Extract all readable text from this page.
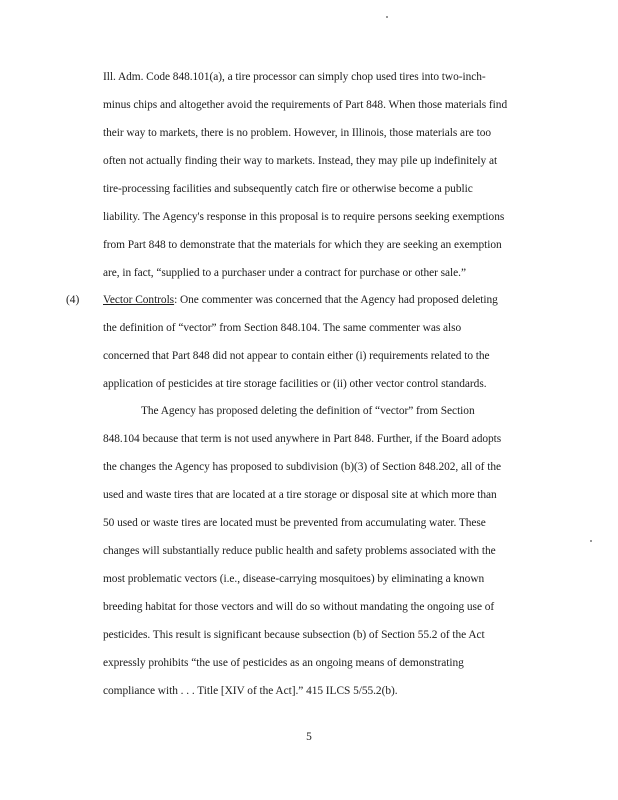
Ill. Adm. Code 848.101(a), a tire processor can simply chop used tires into two-inch-
minus chips and altogether avoid the requirements of Part 848. When those materials find
their way to markets, there is no problem. However, in Illinois, those materials are too
often not actually finding their way to markets. Instead, they may pile up indefinitely at
tire-processing facilities and subsequently catch fire or otherwise become a public
liability. The Agency's response in this proposal is to require persons seeking exemptions
from Part 848 to demonstrate that the materials for which they are seeking an exemption
are, in fact, “supplied to a purchaser under a contract for purchase or other sale.”
(4) Vector Controls: One commenter was concerned that the Agency had proposed deleting
the definition of “vector” from Section 848.104. The same commenter was also
concerned that Part 848 did not appear to contain either (i) requirements related to the
application of pesticides at tire storage facilities or (ii) other vector control standards.
The Agency has proposed deleting the definition of “vector” from Section
848.104 because that term is not used anywhere in Part 848. Further, if the Board adopts
the changes the Agency has proposed to subdivision (b)(3) of Section 848.202, all of the
used and waste tires that are located at a tire storage or disposal site at which more than
50 used or waste tires are located must be prevented from accumulating water. These
changes will substantially reduce public health and safety problems associated with the
most problematic vectors (i.e., disease-carrying mosquitoes) by eliminating a known
breeding habitat for those vectors and will do so without mandating the ongoing use of
pesticides. This result is significant because subsection (b) of Section 55.2 of the Act
expressly prohibits “the use of pesticides as an ongoing means of demonstrating
compliance with . . . Title [XIV of the Act].” 415 ILCS 5/55.2(b).
5
